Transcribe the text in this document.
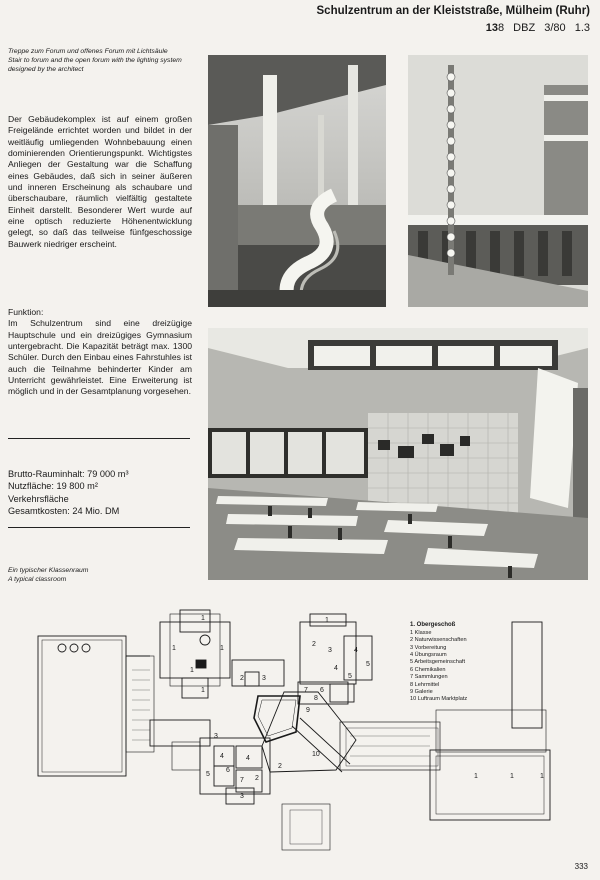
Schulzentrum an der Kleiststraße, Mülheim (Ruhr)
138 DBZ 3/80 1.3
Treppe zum Forum und offenes Forum mit Lichtsäule
Stair to forum and the open forum with the lighting system designed by the architect

Der Gebäudekomplex ist auf einem großen Freigelände errichtet worden und bildet in der weitläufig umliegenden Wohnbebauung einen dominierenden Orientierungspunkt. Wichtigstes Anliegen der Gestaltung war die Schaffung eines Gebäudes, daß sich in seiner äußeren und inneren Erscheinung als schaubare und überschaubare, räumlich vielfältig gestaltete Einheit darstellt. Besonderer Wert wurde auf eine optisch reduzierte Höhenentwicklung gelegt, so daß das teilweise fünfgeschossige Bauwerk niedriger erscheint.

Funktion:

Im Schulzentrum sind eine dreizügige Hauptschule und ein dreizügiges Gymnasium untergebracht. Die Kapazität beträgt max. 1300 Schüler. Durch den Einbau eines Fahrstuhles ist auch die Teilnahme behinderter Kinder am Unterricht gewährleistet. Eine Erweiterung ist möglich und in der Gesamtplanung vorgesehen.

Brutto-Rauminhalt: 79 000 m³
Nutzfläche: 19 800 m²
Verkehrsfläche
Gesamtkosten: 24 Mio. DM
Ein typischer Klassenraum
A typical classroom
1
1	1
1
1
2	3
4
5
1
2
3
4
5
6
7
8
9
10
2
3
4	4
5
6
7 2
3
1	1	1
1. Obergeschoß
1 Klasse
2 Naturwissenschaften
3 Vorbereitung
4 Übungsraum
5 Arbeitsgemeinschaft
6 Chemikalien
7 Sammlungen
8 Lehrmittel
9 Galerie
10 Luftraum Marktplatz
333
